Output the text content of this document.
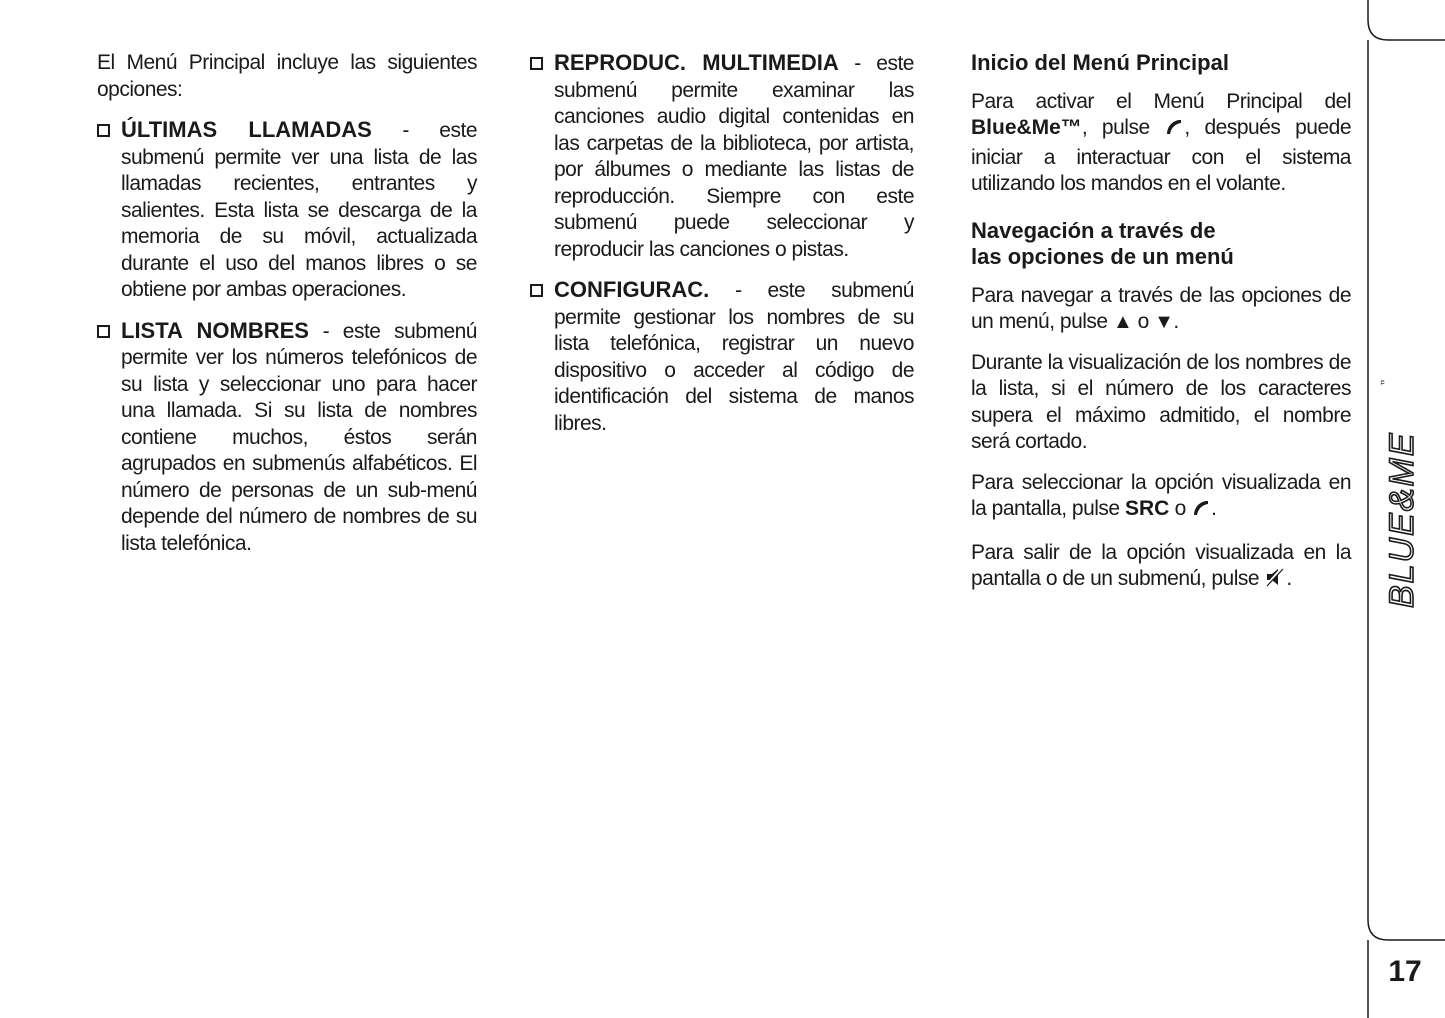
El Menú Principal incluye las siguientes opciones:

ÚLTIMAS LLAMADAS - este submenú permite ver una lista de las llamadas recientes, entrantes y salientes. Esta lista se descarga de la memoria de su móvil, actualizada durante el uso del manos libres o se obtiene por ambas operaciones.
LISTA NOMBRES - este submenú permite ver los números telefónicos de su lista y seleccionar uno para hacer una llamada. Si su lista de nombres contiene muchos, éstos serán agrupados en submenús alfabéticos. El número de personas de un sub-menú depende del número de nombres de su lista telefónica.
REPRODUC. MULTIMEDIA - este submenú permite examinar las canciones audio digital contenidas en las carpetas de la biblioteca, por artista, por álbumes o mediante las listas de reproducción. Siempre con este submenú puede seleccionar y reproducir las canciones o pistas.
CONFIGURAC. - este submenú permite gestionar los nombres de su lista telefónica, registrar un nuevo dispositivo o acceder al código de identificación del sistema de manos libres.
Inicio del Menú Principal

Para activar el Menú Principal del Blue&Me™, pulse , después puede iniciar a interactuar con el sistema utilizando los mandos en el volante.

Navegación a través de
las opciones de un menú

Para navegar a través de las opciones de un menú, pulse ▲ o ▼.

Durante la visualización de los nombres de la lista, si el número de los caracteres supera el máximo admitido, el nombre será cortado.

Para seleccionar la opción visualizada en la pantalla, pulse SRC o .

Para salir de la opción visualizada en la pantalla o de un submenú, pulse .	BLUE&ME
™
17
